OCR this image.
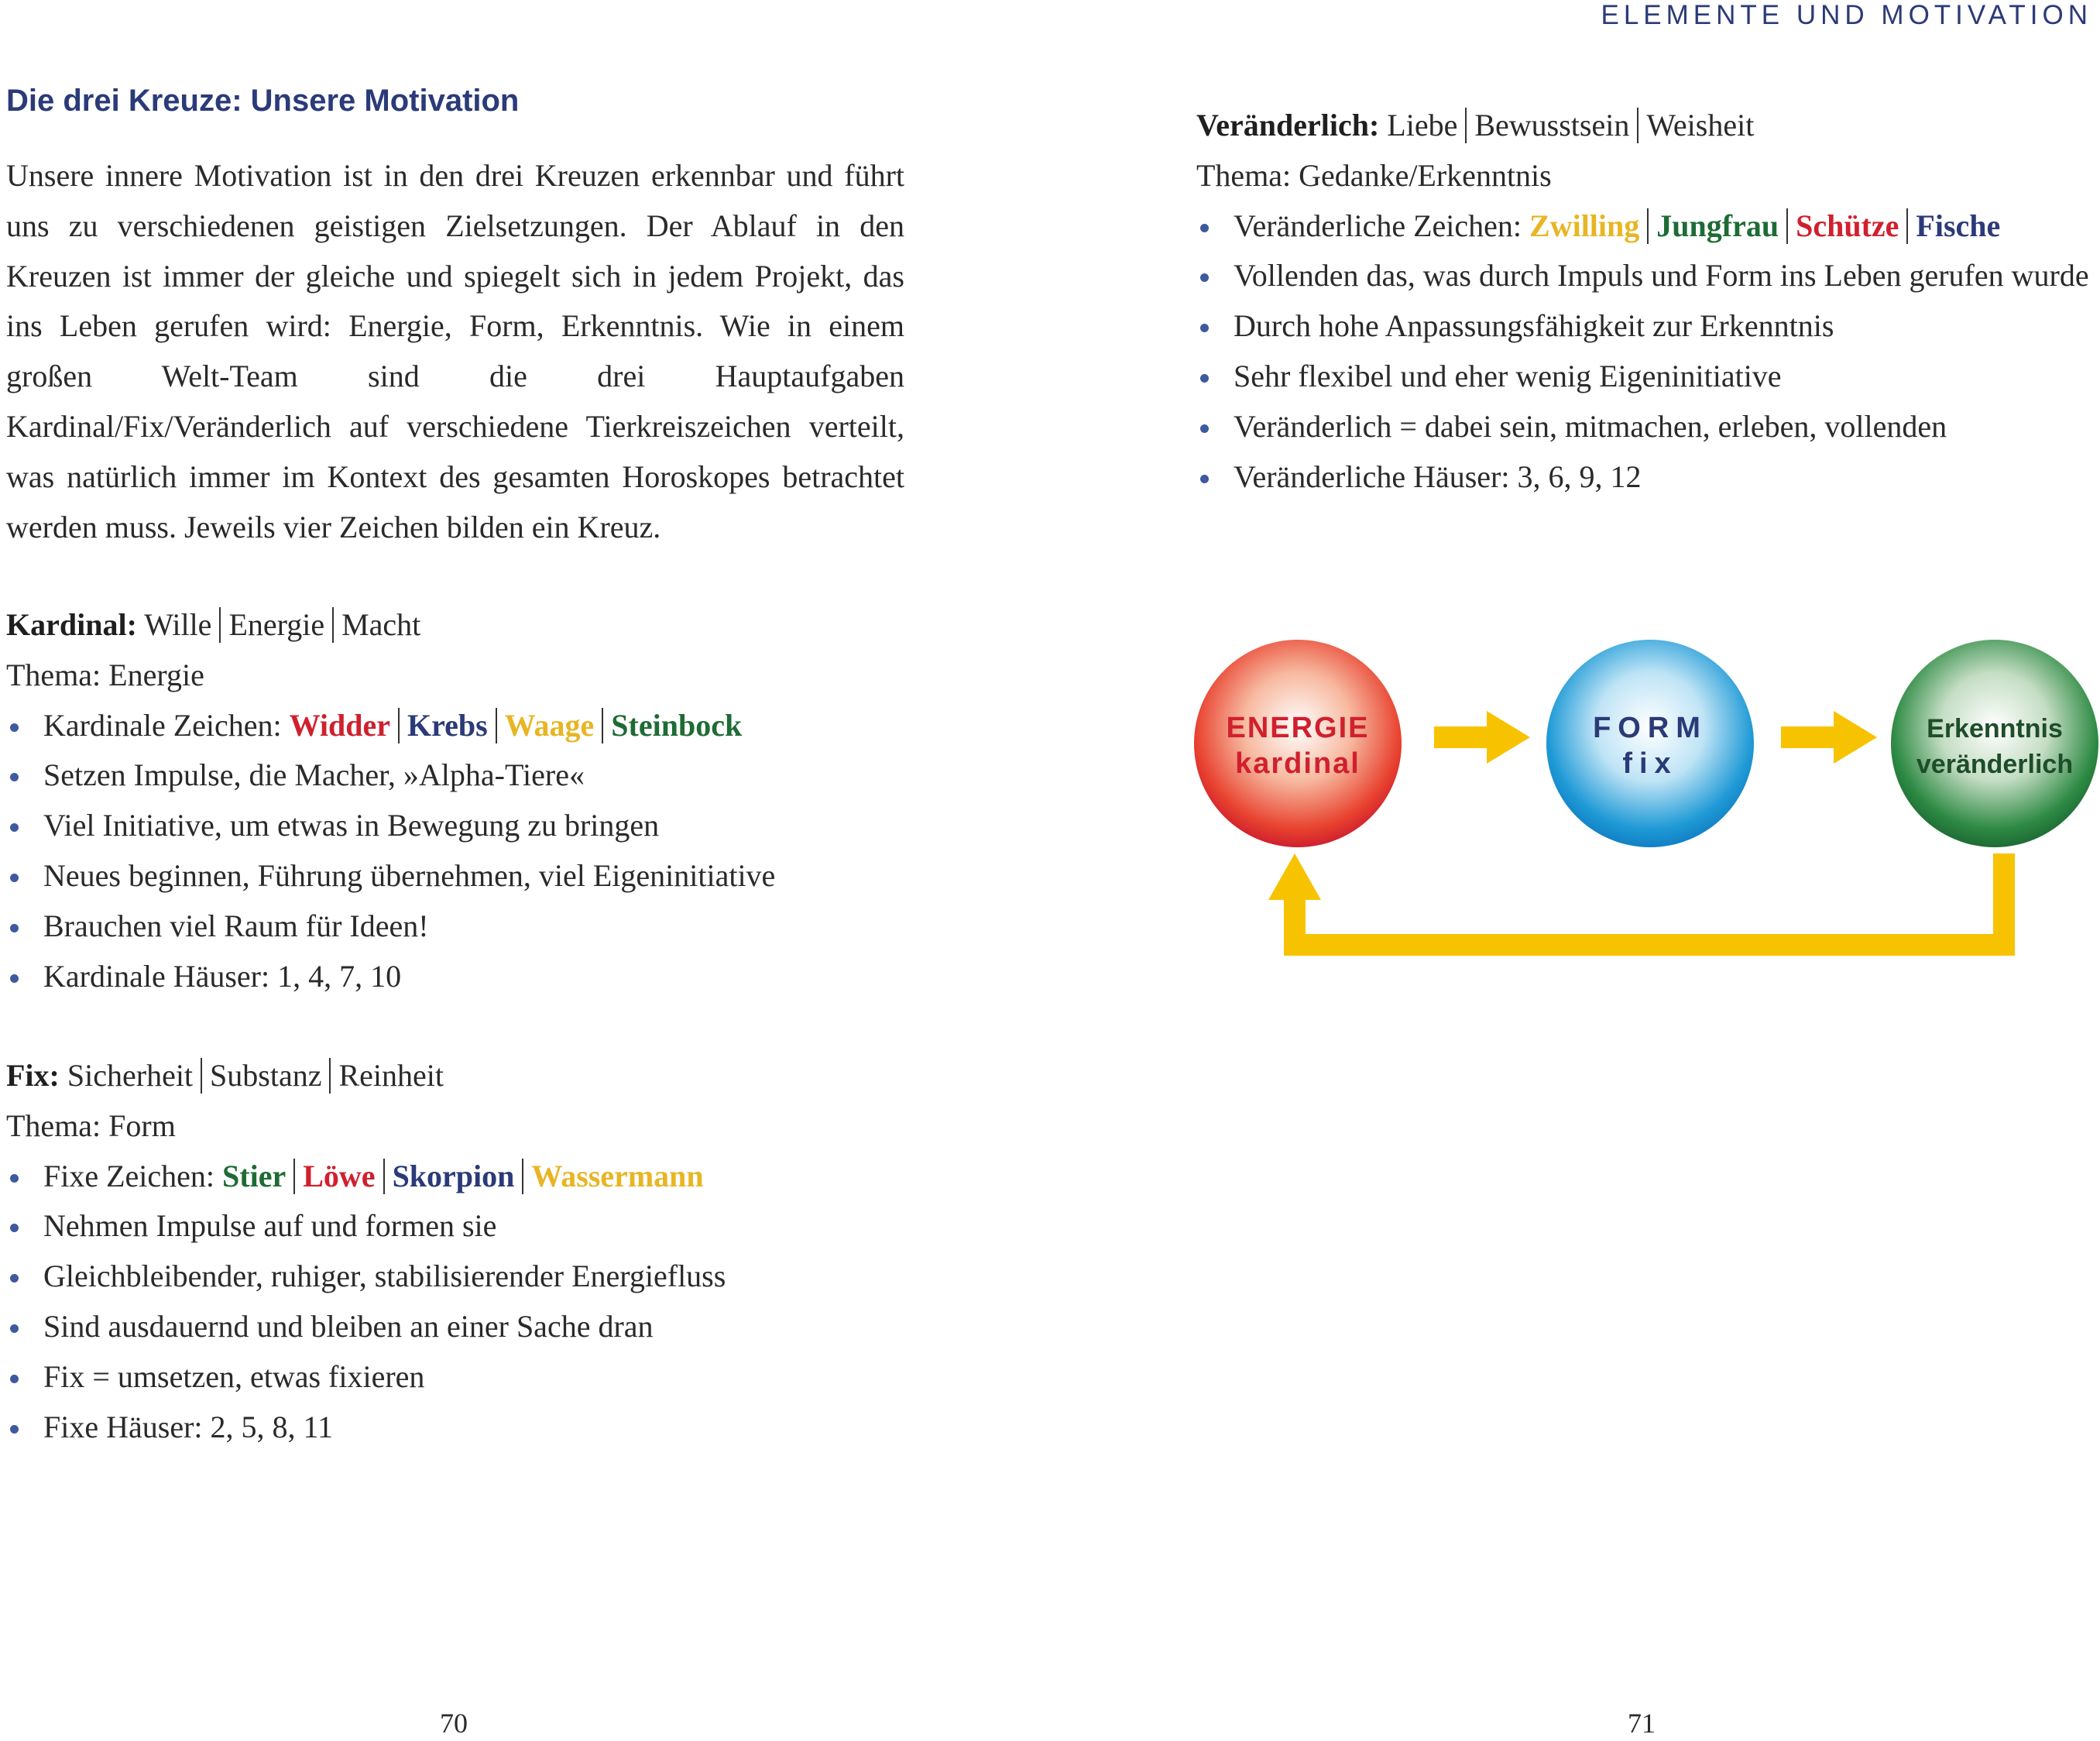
ELEMENTE UND MOTIVATION
Die drei Kreuze: Unsere Motivation

Unsere innere Motivation ist in den drei Kreuzen erkennbar und führt uns zu verschiedenen geistigen Zielsetzungen. Der Ablauf in den Kreuzen ist immer der gleiche und spiegelt sich in jedem Projekt, das ins Leben gerufen wird: Energie, Form, Erkenntnis. Wie in einem großen Welt-Team sind die drei Hauptaufgaben Kardinal/Fix/Veränderlich auf verschiedene Tierkreiszeichen verteilt, was natürlich immer im Kontext des gesamten Horoskopes betrachtet werden muss. Jeweils vier Zeichen bilden ein Kreuz.

Kardinal: Wille Energie Macht
Thema: Energie
Kardinale Zeichen: Widder Krebs Waage Steinbock
Setzen Impulse, die Macher, »Alpha-Tiere«
Viel Initiative, um etwas in Bewegung zu bringen
Neues beginnen, Führung übernehmen, viel Eigeninitiative
Brauchen viel Raum für Ideen!
Kardinale Häuser: 1, 4, 7, 10
Fix: Sicherheit Substanz Reinheit
Thema: Form
Fixe Zeichen: Stier Löwe Skorpion Wassermann
Nehmen Impulse auf und formen sie
Gleichbleibender, ruhiger, stabilisierender Energiefluss
Sind ausdauernd und bleiben an einer Sache dran
Fix = umsetzen, etwas fixieren
Fixe Häuser: 2, 5, 8, 11
Veränderlich: Liebe Bewusstsein Weisheit
Thema: Gedanke/Erkenntnis
Veränderliche Zeichen: Zwilling Jungfrau Schütze Fische
Vollenden das, was durch Impuls und Form ins Leben gerufen wurde
Durch hohe Anpassungsfähigkeit zur Erkenntnis
Sehr flexibel und eher wenig Eigeninitiative
Veränderlich = dabei sein, mitmachen, erleben, vollenden
Veränderliche Häuser: 3, 6, 9, 12
ENERGIE
kardinal
FORM
fix
Erkenntnis
veränderlich
70	71
